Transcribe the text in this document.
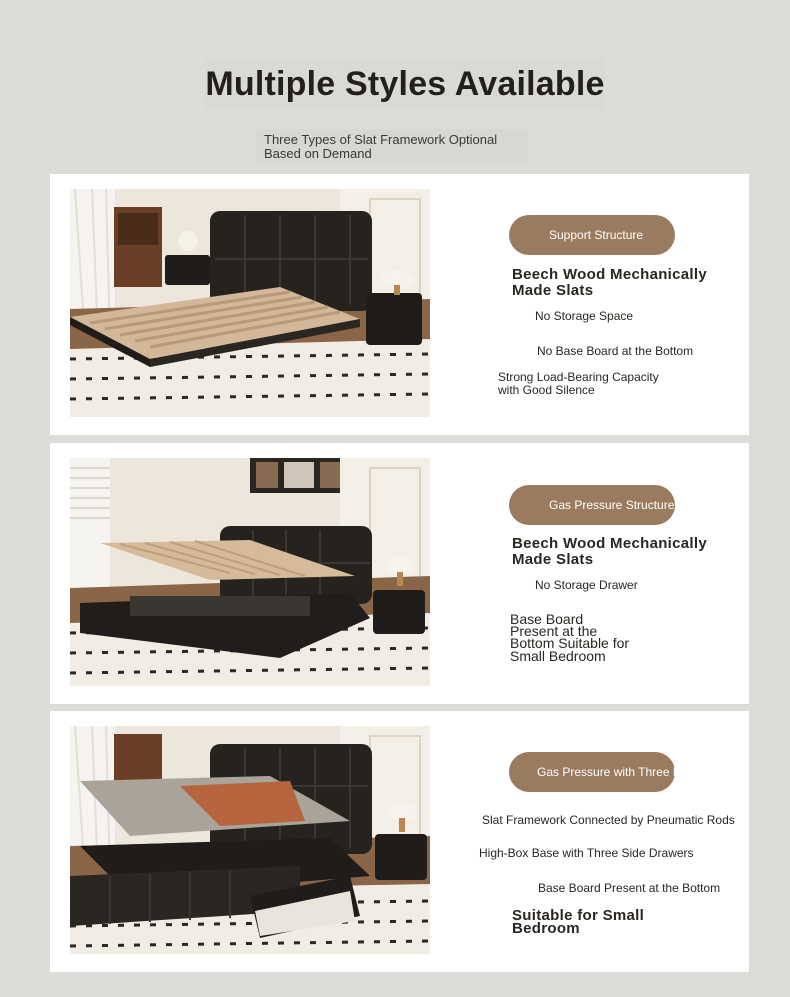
Multiple Styles Available
Three Types of Slat Framework Optional
Based on Demand
Support Structure
Beech Wood Mechanically
Made Slats
No Storage Space
No Base Board at the Bottom
Strong Load-Bearing Capacity
with Good Silence
Gas Pressure Structure
Beech Wood Mechanically
Made Slats
No Storage Drawer
Base Board
Present at the
Bottom Suitable for
Small Bedroom
Gas Pressure with Three Drawers
Slat Framework Connected by Pneumatic Rods
High-Box Base with Three Side Drawers
Base Board Present at the Bottom
Suitable for Small
Bedroom
